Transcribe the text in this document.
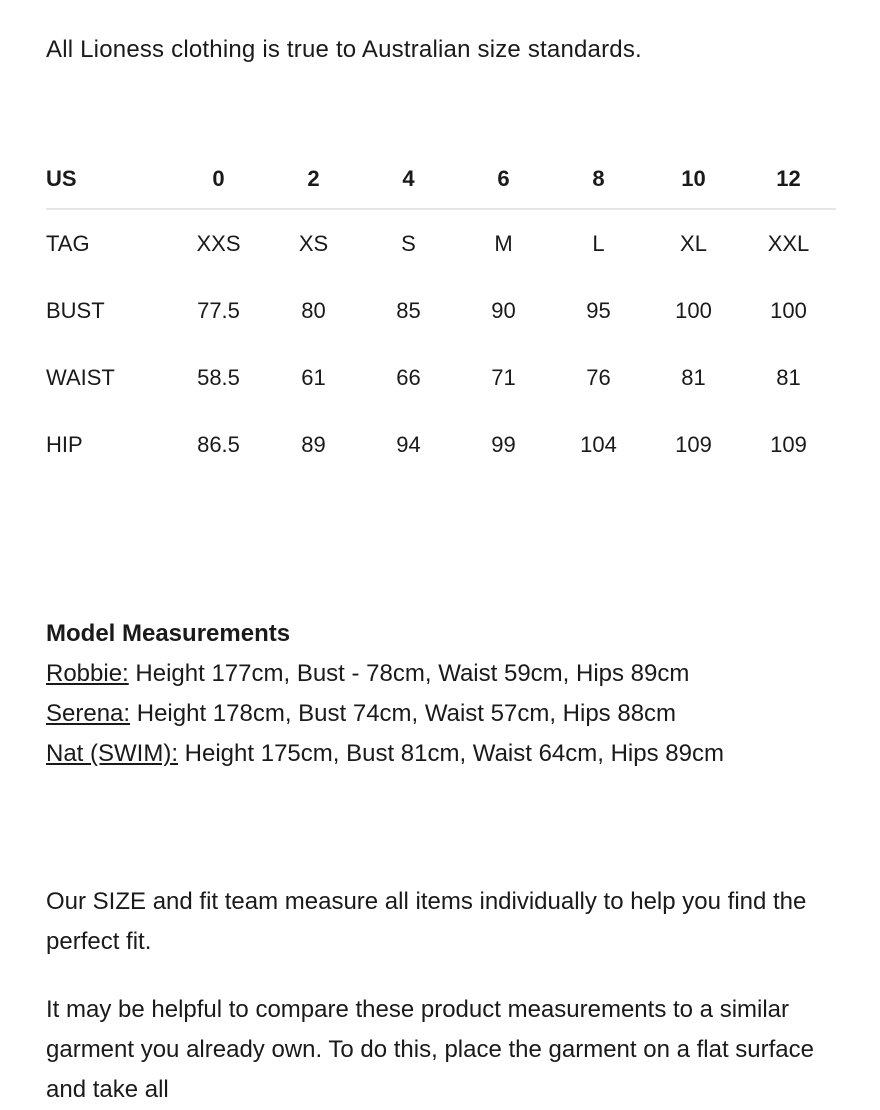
All Lioness clothing is true to Australian size standards.

US	0	2	4	6	8	10	12
TAG	XXS	XS	S	M	L	XL	XXL
BUST	77.5	80	85	90	95	100	100
WAIST	58.5	61	66	71	76	81	81
HIP	86.5	89	94	99	104	109	109
Model Measurements

Robbie: Height 177cm, Bust - 78cm, Waist 59cm, Hips 89cm

Serena: Height 178cm, Bust 74cm, Waist 57cm, Hips 88cm

Nat (SWIM): Height 175cm, Bust 81cm, Waist 64cm, Hips 89cm

Our SIZE and fit team measure all items individually to help you find the perfect fit.

It may be helpful to compare these product measurements to a similar garment you already own. To do this, place the garment on a flat surface and take all
